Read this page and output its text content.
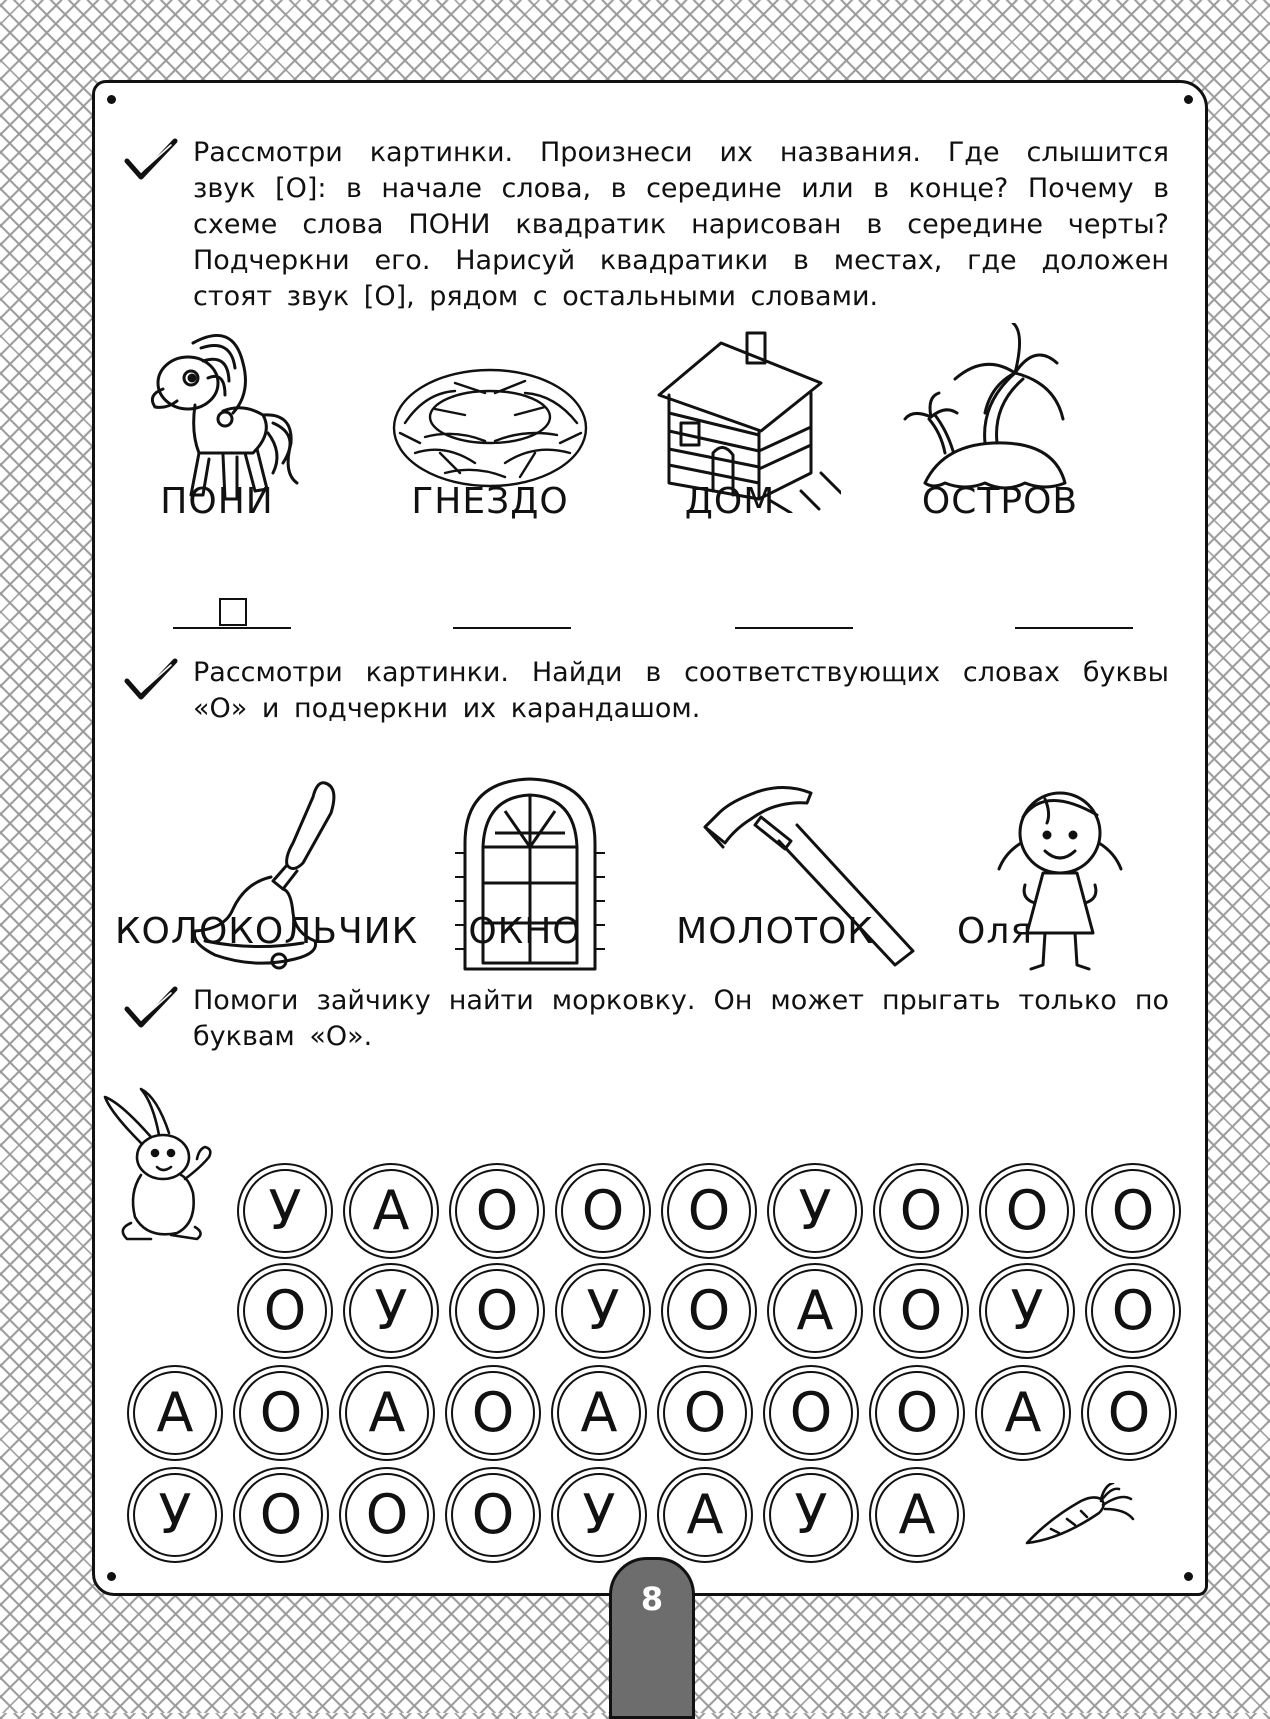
Рассмотри картинки. Произнеси их названия. Где слышится звук [О]: в начале слова, в середине или в конце? Почему в схеме слова ПОНИ квадратик нарисован в середине черты? Подчеркни его. Нарисуй квадратики в местах, где доложен стоят звук [О], рядом с остальными словами.
ПОНИ	ГНЕЗДО	ДОМ	ОСТРОВ
Рассмотри картинки. Найди в соответствующих словах буквы «О» и подчеркни их карандашом.
КОЛОКОЛЬЧИК	ОКНО	МОЛОТОК	Оля
Помоги зайчику найти морковку. Он может прыгать только по буквам «О».
У	А	О	О	О	У	О	О	О
О	У	О	У	О	А	О	У	О
А	О	А	О	А	О	О	О	А	О
У	О	О	О	У	А	У	А
8
